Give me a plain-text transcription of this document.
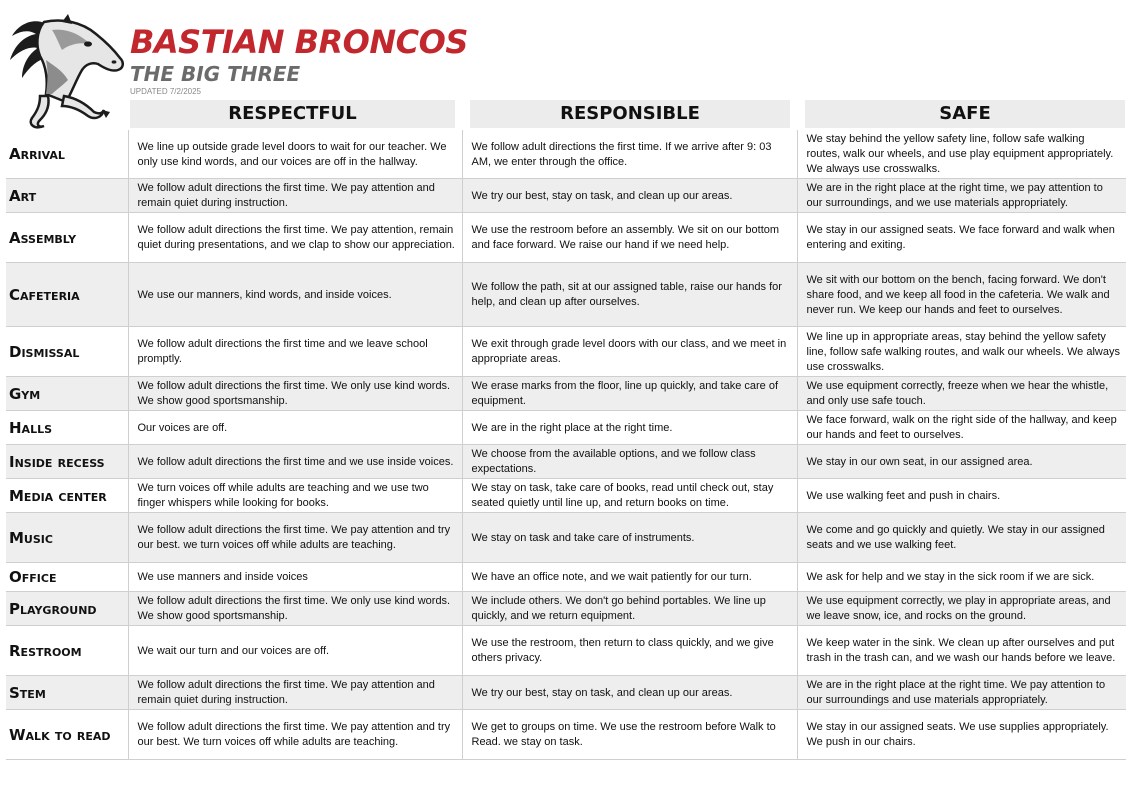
BASTIAN BRONCOS
THE BIG THREE
UPDATED 7/2/2025
RESPECTFUL	RESPONSIBLE	SAFE
Arrival	We line up outside grade level doors to wait for our teacher. We only use kind words, and our voices are off in the hallway.	We follow adult directions the first time. If we arrive after 9: 03 AM, we enter through the office.	We stay behind the yellow safety line, follow safe walking routes, walk our wheels, and use play equipment appropriately. We always use crosswalks.
Art	We follow adult directions the first time. We pay attention and remain quiet during instruction.	We try our best, stay on task, and clean up our areas.	We are in the right place at the right time, we pay attention to our surroundings, and we use materials appropriately.
Assembly	We follow adult directions the first time. We pay attention, remain quiet during presentations, and we clap to show our appreciation.	We use the restroom before an assembly. We sit on our bottom and face forward. We raise our hand if we need help.	We stay in our assigned seats. We face forward and walk when entering and exiting.
Cafeteria	We use our manners, kind words, and inside voices.	We follow the path, sit at our assigned table, raise our hands for help, and clean up after ourselves.	We sit with our bottom on the bench, facing forward. We don't share food, and we keep all food in the cafeteria. We walk and never run. We keep our hands and feet to ourselves.
Dismissal	We follow adult directions the first time and we leave school promptly.	We exit through grade level doors with our class, and we meet in appropriate areas.	We line up in appropriate areas, stay behind the yellow safety line, follow safe walking routes, and walk our wheels. We always use crosswalks.
Gym	We follow adult directions the first time. We only use kind words. We show good sportsmanship.	We erase marks from the floor, line up quickly, and take care of equipment.	We use equipment correctly, freeze when we hear the whistle, and only use safe touch.
Halls	Our voices are off.	We are in the right place at the right time.	We face forward, walk on the right side of the hallway, and keep our hands and feet to ourselves.
Inside recess	We follow adult directions the first time and we use inside voices.	We choose from the available options, and we follow class expectations.	We stay in our own seat, in our assigned area.
Media center	We turn voices off while adults are teaching and we use two finger whispers while looking for books.	We stay on task, take care of books, read until check out, stay seated quietly until line up, and return books on time.	We use walking feet and push in chairs.
Music	We follow adult directions the first time. We pay attention and try our best. we turn voices off while adults are teaching.	We stay on task and take care of instruments.	We come and go quickly and quietly. We stay in our assigned seats and we use walking feet.
Office	We use manners and inside voices	We have an office note, and we wait patiently for our turn.	We ask for help and we stay in the sick room if we are sick.
Playground	We follow adult directions the first time. We only use kind words. We show good sportsmanship.	We include others. We don't go behind portables. We line up quickly, and we return equipment.	We use equipment correctly, we play in appropriate areas, and we leave snow, ice, and rocks on the ground.
Restroom	We wait our turn and our voices are off.	We use the restroom, then return to class quickly, and we give others privacy.	We keep water in the sink. We clean up after ourselves and put trash in the trash can, and we wash our hands before we leave.
Stem	We follow adult directions the first time. We pay attention and remain quiet during instruction.	We try our best, stay on task, and clean up our areas.	We are in the right place at the right time. We pay attention to our surroundings and use materials appropriately.
Walk to read	We follow adult directions the first time. We pay attention and try our best. We turn voices off while adults are teaching.	We get to groups on time. We use the restroom before Walk to Read. we stay on task.	We stay in our assigned seats. We use supplies appropriately. We push in our chairs.
